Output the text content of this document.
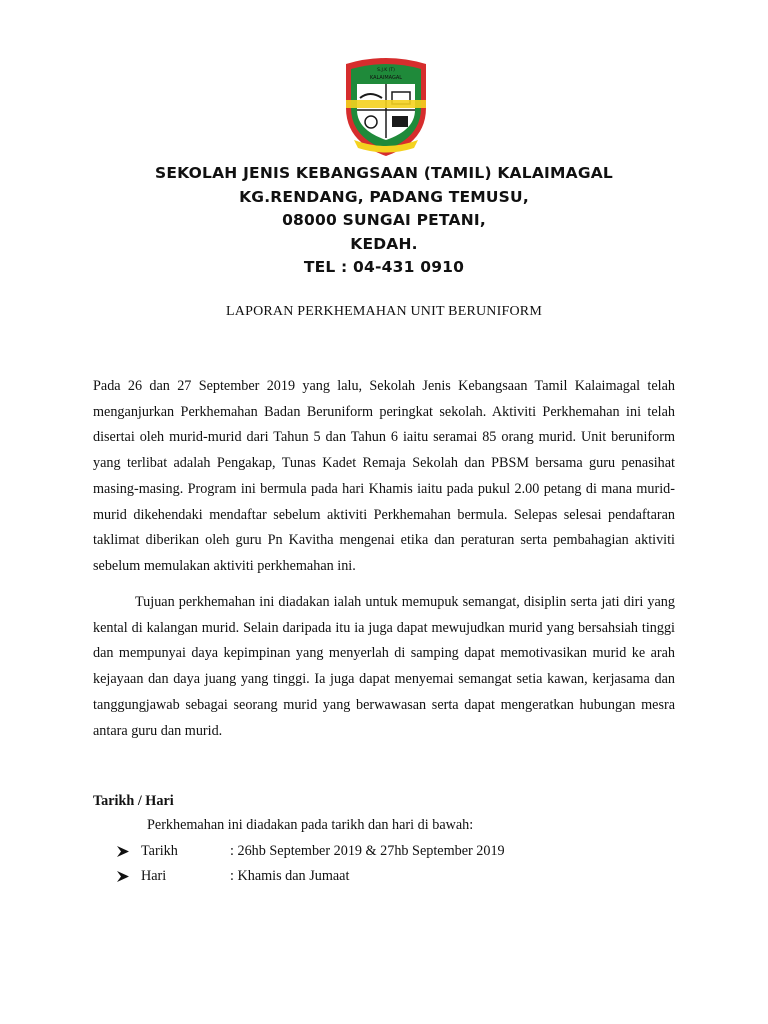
S.J.K (T)
KALAIMAGAL
SEKOLAH JENIS KEBANGSAAN (TAMIL) KALAIMAGAL
KG.RENDANG, PADANG TEMUSU,
08000 SUNGAI PETANI,
KEDAH.
TEL : 04-431 0910
LAPORAN PERKHEMAHAN UNIT BERUNIFORM

Pada 26 dan 27 September 2019 yang lalu, Sekolah Jenis Kebangsaan Tamil Kalaimagal telah menganjurkan Perkhemahan Badan Beruniform peringkat sekolah. Aktiviti Perkhemahan ini telah disertai oleh murid-murid dari Tahun 5 dan Tahun 6 iaitu seramai 85 orang murid. Unit beruniform yang terlibat adalah Pengakap, Tunas Kadet Remaja Sekolah dan PBSM bersama guru penasihat masing-masing. Program ini bermula pada hari Khamis iaitu pada pukul 2.00 petang di mana murid-murid dikehendaki mendaftar sebelum aktiviti Perkhemahan bermula. Selepas selesai pendaftaran taklimat diberikan oleh guru Pn Kavitha mengenai etika dan peraturan serta pembahagian aktiviti sebelum memulakan aktiviti perkhemahan ini.

Tujuan perkhemahan ini diadakan ialah untuk memupuk semangat, disiplin serta jati diri yang kental di kalangan murid. Selain daripada itu ia juga dapat mewujudkan murid yang bersahsiah tinggi dan mempunyai daya kepimpinan yang menyerlah di samping dapat memotivasikan murid ke arah kejayaan dan daya juang yang tinggi. Ia juga dapat menyemai semangat setia kawan, kerjasama dan tanggungjawab sebagai seorang murid yang berwawasan serta dapat mengeratkan hubungan mesra antara guru dan murid.

Tarikh / Hari
Perkhemahan ini diadakan pada tarikh dan hari di bawah:
Tarikh	: 26hb September 2019 & 27hb September 2019
Hari	: Khamis dan Jumaat
